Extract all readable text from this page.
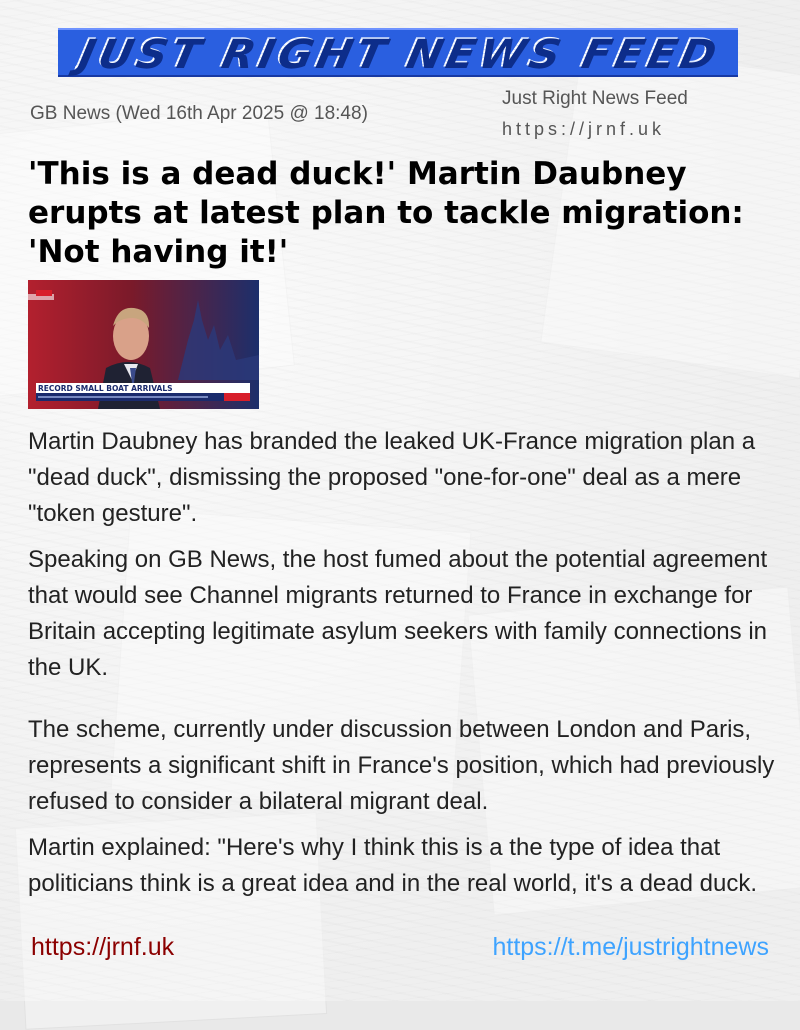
JUST RIGHT NEWS FEED
GB News (Wed 16th Apr 2025 @ 18:48)
Just Right News Feed
https://jrnf.uk
'This is a dead duck!' Martin Daubney erupts at latest plan to tackle migration: 'Not having it!'
RECORD SMALL BOAT ARRIVALS

Martin Daubney has branded the leaked UK-France migration plan a "dead duck", dismissing the proposed "one-for-one" deal as a mere "token gesture".

Speaking on GB News, the host fumed about the potential agreement that would see Channel migrants returned to France in exchange for Britain accepting legitimate asylum seekers with family connections in the UK.

The scheme, currently under discussion between London and Paris, represents a significant shift in France's position, which had previously refused to consider a bilateral migrant deal.

Martin explained: "Here's why I think this is a the type of idea that politicians think is a great idea and in the real world, it's a dead duck.

https://jrnf.uk	https://t.me/justrightnews
